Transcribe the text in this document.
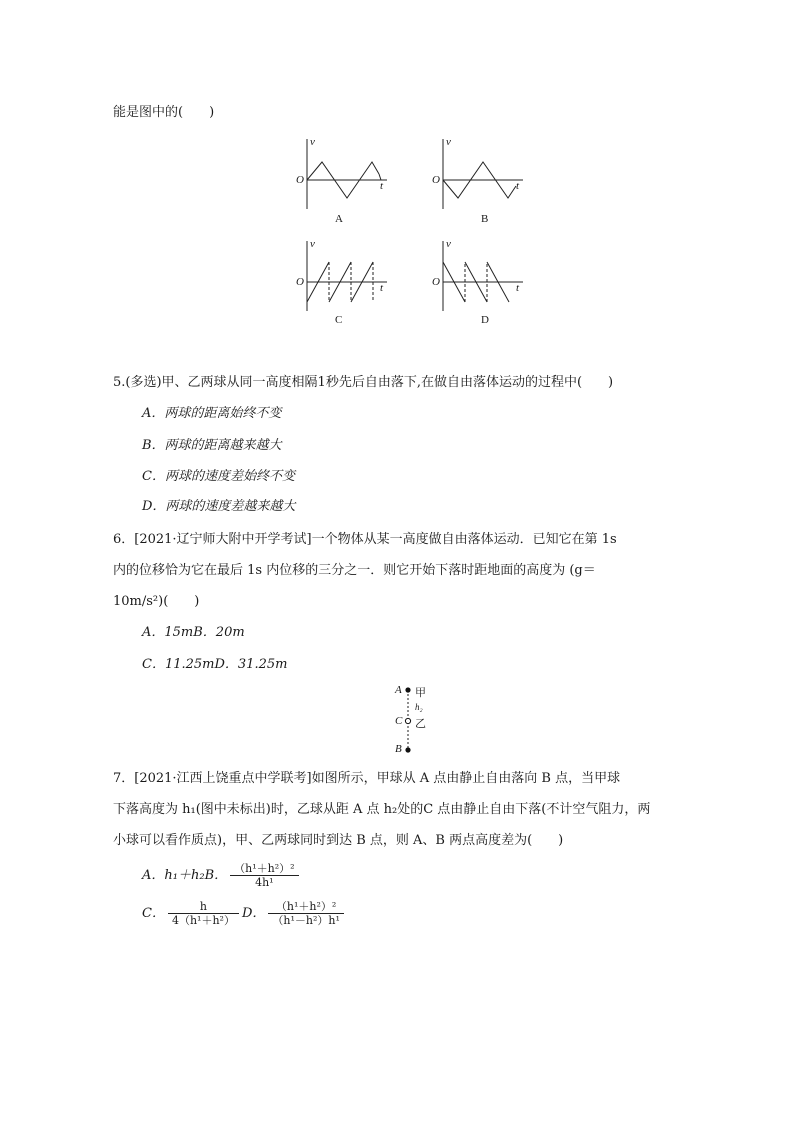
能是图中的(　　)
v
t
O
A
v
t
O
B
v
t
O
C
v
t
O
D
5.(多选)甲、乙两球从同一高度相隔1秒先后自由落下,在做自由落体运动的过程中(　　)
A．两球的距离始终不变
B．两球的距离越来越大
C．两球的速度差始终不变
D．两球的速度差越来越大
6．[2021·辽宁师大附中开学考试]一个物体从某一高度做自由落体运动．已知它在第 1s
内的位移恰为它在最后 1s 内位移的三分之一．则它开始下落时距地面的高度为 (g＝
10m/s²)(　　)
A．15mB．20m
C．11.25mD．31.25m
A 甲
h₂
C 乙
B
7．[2021·江西上饶重点中学联考]如图所示，甲球从 A 点由静止自由落向 B 点，当甲球
下落高度为 h₁(图中未标出)时，乙球从距 A 点 h₂处的C 点由静止自由下落(不计空气阻力，两
小球可以看作质点)，甲、乙两球同时到达 B 点，则 A、B 两点高度差为(　　)
A．h₁＋h₂B． $\frac{\text{（h¹＋h²）²}}{\text{4h¹}}$
C． $\frac{h}{\text{4（h¹＋h²）}}$ D． $\frac{\text{（h¹＋h²）²}}{\text{（h¹－h²）h¹}}$
